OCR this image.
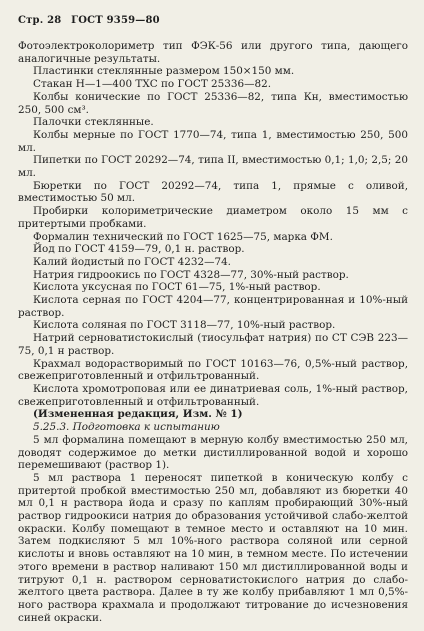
Стр. 28 ГОСТ 9359—80
Фотоэлектроколориметр тип ФЭК-56 или другого типа, дающего аналогичные результаты.
Пластинки стеклянные размером 150×150 мм.
Стакан Н—1—400 ТХС по ГОСТ 25336—82.
Колбы конические по ГОСТ 25336—82, типа Кн, вместимостью 250, 500 см³.
Палочки стеклянные.
Колбы мерные по ГОСТ 1770—74, типа 1, вместимостью 250, 500 мл.
Пипетки по ГОСТ 20292—74, типа II, вместимостью 0,1; 1,0; 2,5; 20 мл.
Бюретки по ГОСТ 20292—74, типа 1, прямые с оливой, вместимостью 50 мл.
Пробирки колориметрические диаметром около 15 мм с притертыми пробками.
Формалин технический по ГОСТ 1625—75, марка ФМ.
Йод по ГОСТ 4159—79, 0,1 н. раствор.
Калий йодистый по ГОСТ 4232—74.
Натрия гидроокись по ГОСТ 4328—77, 30%-ный раствор.
Кислота уксусная по ГОСТ 61—75, 1%-ный раствор.
Кислота серная по ГОСТ 4204—77, концентрированная и 10%-ный раствор.
Кислота соляная по ГОСТ 3118—77, 10%-ный раствор.
Натрий серноватистокислый (тиосульфат натрия) по СТ СЭВ 223—75, 0,1 н раствор.
Крахмал водорастворимый по ГОСТ 10163—76, 0,5%-ный раствор, свежеприготовленный и отфильтрованный.
Кислота хромотроповая или ее динатриевая соль, 1%-ный раствор, свежеприготовленный и отфильтрованный.
(Измененная редакция, Изм. № 1)
5.25.3. Подготовка к испытанию
5 мл формалина помещают в мерную колбу вместимостью 250 мл, доводят содержимое до метки дистиллированной водой и хорошо перемешивают (раствор 1).
5 мл раствора 1 переносят пипеткой в коническую колбу с притертой пробкой вместимостью 250 мл, добавляют из бюретки 40 мл 0,1 н раствора йода и сразу по каплям пробирающий 30%-ный раствор гидроокиси натрия до образования устойчивой слабо-желтой окраски. Колбу помещают в темное место и оставляют на 10 мин. Затем подкисляют 5 мл 10%-ного раствора соляной или серной кислоты и вновь оставляют на 10 мин, в темном месте. По истечении этого времени в раствор наливают 150 мл дистиллированной воды и титруют 0,1 н. раствором серноватистокислого натрия до слабо-желтого цвета раствора. Далее в ту же колбу прибавляют 1 мл 0,5%-ного раствора крахмала и продолжают титрование до исчезновения синей окраски.
